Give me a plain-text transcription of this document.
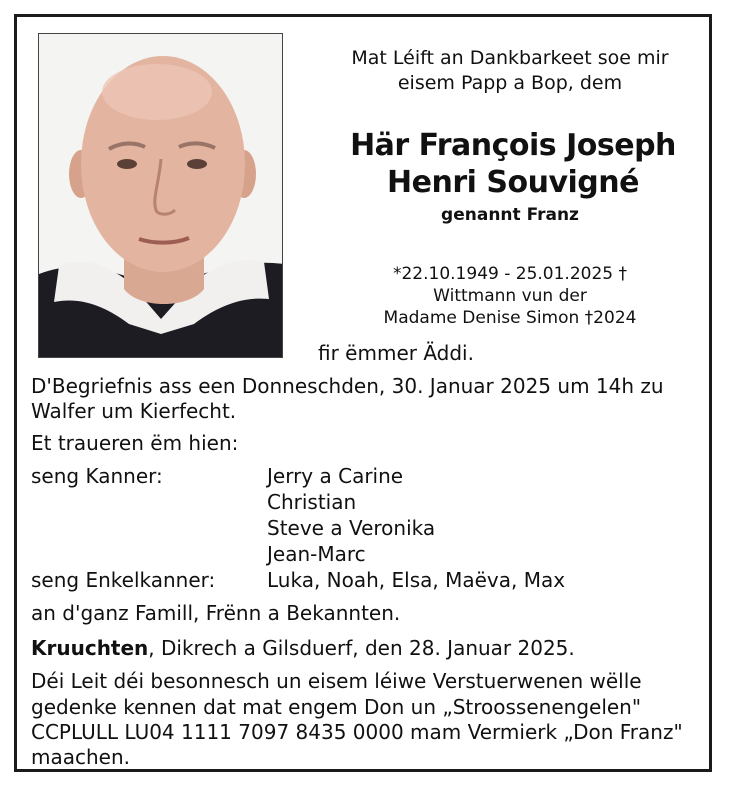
Mat Léift an Dankbarkeet soe mir
eisem Papp a Bop, dem
Här François Joseph
Henri Souvigné
genannt Franz
*22.10.1949 - 25.01.2025 †
Wittmann vun der
Madame Denise Simon †2024
fir ëmmer Äddi.
D'Begriefnis ass een Donneschden, 30. Januar 2025 um 14h zu
Walfer um Kierfecht.
Et traueren ëm hien:
seng Kanner:	Jerry a Carine
Christian
Steve a Veronika
Jean-Marc
seng Enkelkanner:	Luka, Noah, Elsa, Maëva, Max
an d'ganz Famill, Frënn a Bekannten.
Kruuchten, Dikrech a Gilsduerf, den 28. Januar 2025.
Déi Leit déi besonnesch un eisem léiwe Verstuerwenen wëlle
gedenke kennen dat mat engem Don un „Stroossenengelen"
CCPLULL LU04 1111 7097 8435 0000 mam Vermierk „Don Franz"
maachen.
